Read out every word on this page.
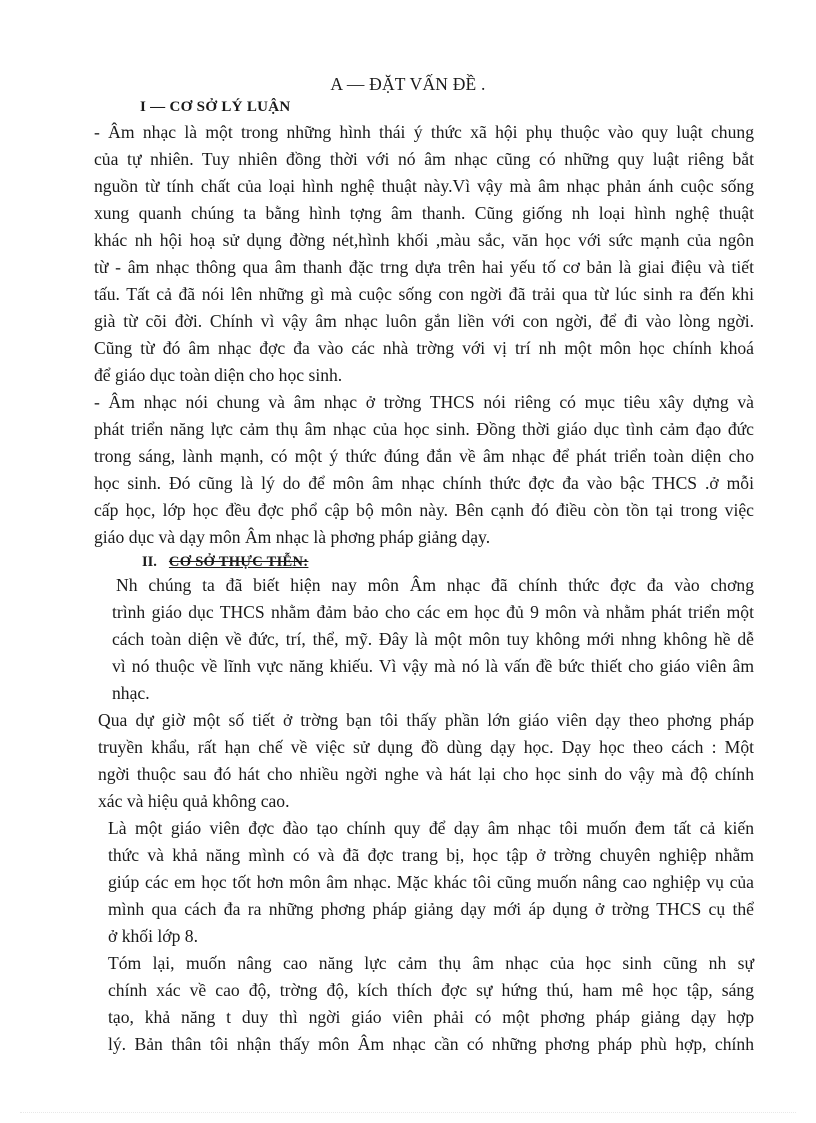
A — ĐẶT VẤN ĐỀ .
I — CƠ SỞ LÝ LUẬN
- Âm nhạc là một trong những hình thái ý thức xã hội phụ thuộc vào quy luật chung
của tự nhiên. Tuy nhiên đồng thời với nó âm nhạc cũng có những quy luật riêng bắt
nguồn từ tính chất của loại hình nghệ thuật này.Vì vậy mà âm nhạc phản ánh cuộc sống
xung quanh chúng ta bằng hình tợng âm thanh. Cũng giống nh loại hình nghệ thuật
khác nh hội hoạ sử dụng đờng nét,hình khối ,màu sắc, văn học với sức mạnh của ngôn
từ - âm nhạc thông qua âm thanh đặc trng dựa trên hai yếu tố cơ bản là giai điệu và tiết
tấu. Tất cả đã nói lên những gì mà cuộc sống con ngời đã trải qua từ lúc sinh ra đến khi
già từ cõi đời. Chính vì vậy âm nhạc luôn gắn liền với con ngời, để đi vào lòng ngời.
Cũng từ đó âm nhạc đợc đa vào các nhà trờng với vị trí nh một môn học chính khoá
để giáo dục toàn diện cho học sinh.
- Âm nhạc nói chung và âm nhạc ở trờng THCS nói riêng có mục tiêu xây dựng và
phát triển năng lực cảm thụ âm nhạc của học sinh. Đồng thời giáo dục tình cảm đạo đức
trong sáng, lành mạnh, có một ý thức đúng đắn về âm nhạc để phát triển toàn diện cho
học sinh. Đó cũng là lý do để môn âm nhạc chính thức đợc đa vào bậc THCS .ở mỗi
cấp học, lớp học đều đợc phổ cập bộ môn này. Bên cạnh đó điều còn tồn tại trong việc
giáo dục và dạy môn Âm nhạc là phơng pháp giảng dạy.
II. CƠ SỞ THỰC TIỄN:
Nh chúng ta đã biết hiện nay môn Âm nhạc đã chính thức đợc đa vào chơng
trình giáo dục THCS nhằm đảm bảo cho các em học đủ 9 môn và nhằm phát triển một
cách toàn diện về đức, trí, thể, mỹ. Đây là một môn tuy không mới nhng không hề dễ
vì nó thuộc về lĩnh vực năng khiếu. Vì vậy mà nó là vấn đề bức thiết cho giáo viên âm
nhạc.
Qua dự giờ một số tiết ở trờng bạn tôi thấy phần lớn giáo viên dạy theo phơng pháp
truyền khẩu, rất hạn chế về việc sử dụng đồ dùng dạy học. Dạy học theo cách : Một
ngời thuộc sau đó hát cho nhiều ngời nghe và hát lại cho học sinh do vậy mà độ chính
xác và hiệu quả không cao.
Là một giáo viên đợc đào tạo chính quy để dạy âm nhạc tôi muốn đem tất cả kiến
thức và khả năng mình có và đã đợc trang bị, học tập ở trờng chuyên nghiệp nhằm
giúp các em học tốt hơn môn âm nhạc. Mặc khác tôi cũng muốn nâng cao nghiệp vụ của
mình qua cách đa ra những phơng pháp giảng dạy mới áp dụng ở trờng THCS cụ thể
ở khối lớp 8.
Tóm lại, muốn nâng cao năng lực cảm thụ âm nhạc của học sinh cũng nh sự
chính xác về cao độ, trờng độ, kích thích đợc sự hứng thú, ham mê học tập, sáng
tạo, khả năng t duy thì ngời giáo viên phải có một phơng pháp giảng dạy hợp
lý. Bản thân tôi nhận thấy môn Âm nhạc cần có những phơng pháp phù hợp, chính
